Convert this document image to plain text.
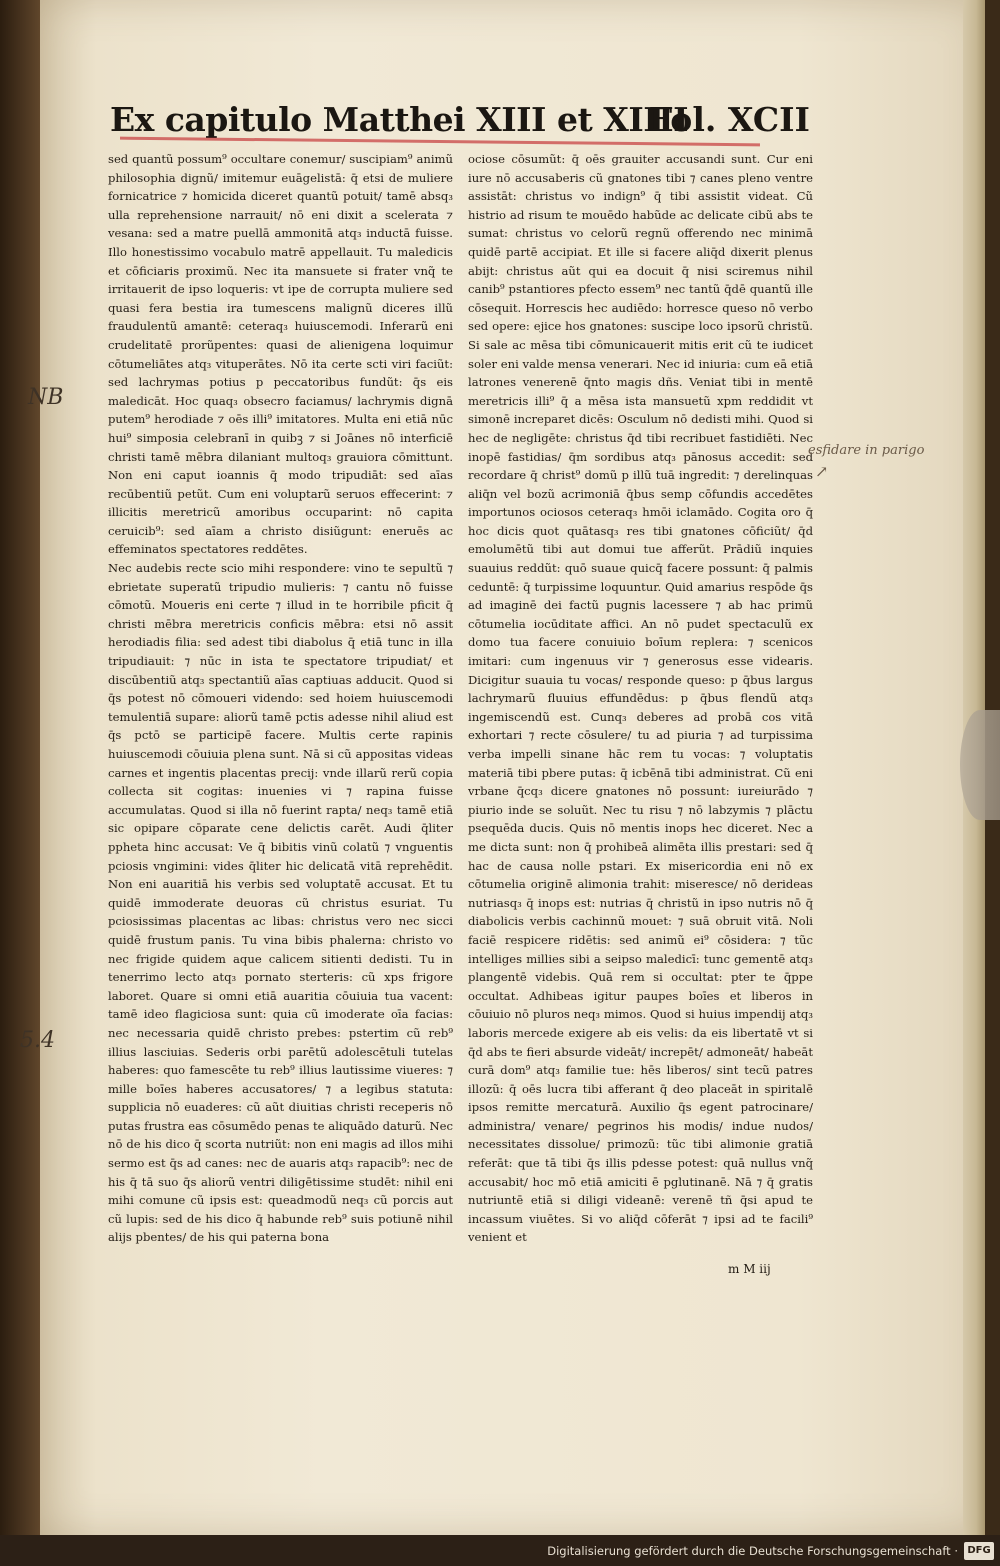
Ex capitulo Matthei XIII et XIIII
Fol. XCII

sed quantũ possum⁹ occultare conemur/ suscipiam⁹ animũ philosophia dignũ/ imitemur euāgelistā: q̄ etsi de muliere fornicatrice ⁊ homicida diceret quantũ potuit/ tamē absq₃ ulla reprehensione narrauit/ nō eni dixit a scelerata ⁊ vesana: sed a matre puellā ammonitā atq₃ inductā fuisse. Illo honestissimo vocabulo matrē appellauit. Tu maledicis et cōficiaris proximũ. Nec ita mansuete si frater vnq̃ te irritauerit de ipso loqueris: vt ipe de corrupta muliere sed quasi fera bestia ira tumescens malignũ diceres illũ fraudulentũ amantē: ceteraq₃ huiuscemodi. Inferarũ eni crudelitatē prorũpentes: quasi de alienigena loquimur cōtumeliātes atq₃ vituperātes. Nō ita certe scti viri faciũt: sed lachrymas potius p peccatoribus fundũt: q̄s eis maledicāt. Hoc quaq₃ obsecro faciamus/ lachrymis dignā putem⁹ herodiade ⁊ oēs illi⁹ imitatores. Multa eni etiā nūc hui⁹ simposia celebranī in quibꝫ ⁊ si Joānes nō interficiē christi tamē mēbra dilaniant multoq₃ grauiora cōmittunt. Non eni caput ioannis q̄ modo tripudiāt: sed aīas recūbentiũ petũt. Cum eni voluptarũ seruos effecerint: ⁊ illicitis meretricũ amoribus occuparint: nō capita ceruicib⁹: sed aīam a christo disiũgunt: eneruēs ac effeminatos spectatores reddētes.

Nec audebis recte scio mihi respondere: vino te sepultũ ⁊ ebrietate superatũ tripudio mulieris: ⁊ cantu nō fuisse cōmotũ. Moueris eni certe ⁊ illud in te horribile pficit q̄ christi mēbra meretricis conficis mēbra: etsi nō assit herodiadis filia: sed adest tibi diabolus q̄ etiā tunc in illa tripudiauit: ⁊ nūc in ista te spectatore tripudiat/ et discūbentiũ atq₃ spectantiũ aīas captiuas adducit. Quod si q̄s potest nō cōmoueri videndo: sed hoiem huiuscemodi temulentiā supare: aliorũ tamē pctis adesse nihil aliud est q̄s pctō se participē facere. Multis certe rapinis huiuscemodi cōuiuia plena sunt. Nā si cũ appositas videas carnes et ingentis placentas precij: vnde illarũ rerũ copia collecta sit cogitas: inuenies vi ⁊ rapina fuisse accumulatas. Quod si illa nō fuerint rapta/ neq₃ tamē etiā sic opipare cōparate cene delictis carēt. Audi q̄liter ppheta hinc accusat: Ve q̄ bibitis vinũ colatũ ⁊ vnguentis pciosis vngimini: vides q̄liter hic delicatā vitā reprehēdit. Non eni auaritiā his verbis sed voluptatē accusat. Et tu quidē immoderate deuoras cũ christus esuriat. Tu pciosissimas placentas ac libas: christus vero nec sicci quidē frustum panis. Tu vina bibis phalerna: christo vo nec frigide quidem aque calicem sitienti dedisti. Tu in tenerrimo lecto atq₃ pornato sterteris: cũ xps frigore laboret. Quare si omni etiā auaritia cōuiuia tua vacent: tamē ideo flagiciosa sunt: quia cũ imoderate oīa facias: nec necessaria quidē christo prebes: pstertim cũ reb⁹ illius lasciuias. Sederis orbi parētũ adolescētuli tutelas haberes: quo famescēte tu reb⁹ illius lautissime viueres: ⁊ mille boīes haberes accusatores/ ⁊ a legibus statuta: supplicia nō euaderes: cũ aũt diuitias christi receperis nō putas frustra eas cōsumēdo penas te aliquādo daturũ. Nec nō de his dico q̄ scorta nutriũt: non eni magis ad illos mihi sermo est q̄s ad canes: nec de auaris atq₃ rapacib⁹: nec de his q̄ tā suo q̄s aliorũ ventri diligētissime studēt: nihil eni mihi comune cũ ipsis est: queadmodũ neq₃ cũ porcis aut cũ lupis: sed de his dico q̄ habunde reb⁹ suis potiunē nihil alijs pbentes/ de his qui paterna bona

ociose cōsumũt: q̄ oēs grauiter accusandi sunt. Cur eni iure nō accusaberis cũ gnatones tibi ⁊ canes pleno ventre assistāt: christus vo indign⁹ q̄ tibi assistit videat. Cũ histrio ad risum te mouēdo habũde ac delicate cibũ abs te sumat: christus vo celorũ regnũ offerendo nec minimā quidē partē accipiat. Et ille si facere aliq̄d dixerit plenus abijt: christus aũt qui ea docuit q̄ nisi sciremus nihil canib⁹ pstantiores pfecto essem⁹ nec tantũ q̄dē quantũ ille cōsequit. Horrescis hec audiēdo: horresce queso nō verbo sed opere: ejice hos gnatones: suscipe loco ipsorũ christũ. Si sale ac mēsa tibi cōmunicauerit mitis erit cũ te iudicet soler eni valde mensa venerari. Nec id iniuria: cum eā etiā latrones venerenē q̄nto magis dñs. Veniat tibi in mentē meretricis illi⁹ q̄ a mēsa ista mansuetũ xpm reddidit vt simonē increparet dicēs: Osculum nō dedisti mihi. Quod si hec de negligēte: christus q̄d tibi recribuet fastidiēti. Nec inopē fastidias/ q̄m sordibus atq₃ pānosus accedit: sed recordare q̄ christ⁹ domũ p illũ tuā ingredit: ⁊ derelinquas aliq̄n vel bozũ acrimoniā q̄bus semp cōfundis accedētes importunos ociosos ceteraq₃ hmōi iclamādo. Cogita oro q̄ hoc dicis quot quātasq₃ res tibi gnatones cōficiũt/ q̄d emolumētũ tibi aut domui tue afferũt. Prādiũ inquies suauius reddũt: quō suaue quicq̄ facere possunt: q̄ palmis ceduntē: q̄ turpissime loquuntur. Quid amarius respōde q̄s ad imaginē dei factũ pugnis lacessere ⁊ ab hac primũ cōtumelia iocūditate affici. An nō pudet spectaculũ ex domo tua facere conuiuio boīum replera: ⁊ scenicos imitari: cum ingenuus vir ⁊ generosus esse videaris. Dicigitur suauia tu vocas/ responde queso: p q̄bus largus lachrymarũ fluuius effundēdus: p q̄bus flendũ atq₃ ingemiscendũ est. Cunq₃ deberes ad probā cos vitā exhortari ⁊ recte cōsulere/ tu ad piuria ⁊ ad turpissima verba impelli sinane hāc rem tu vocas: ⁊ voluptatis materiā tibi pbere putas: q̄ icbēnā tibi administrat. Cũ eni vrbane q̄cq₃ dicere gnatones nō possunt: iureiurādo ⁊ piurio inde se soluũt. Nec tu risu ⁊ nō labzymis ⁊ plāctu psequēda ducis. Quis nō mentis inops hec diceret. Nec a me dicta sunt: non q̄ prohibeā alimēta illis prestari: sed q̄ hac de causa nolle pstari. Ex misericordia eni nō ex cōtumelia originē alimonia trahit: miseresce/ nō derideas nutriasq₃ q̄ inops est: nutrias q̄ christũ in ipso nutris nō q̄ diabolicis verbis cachinnũ mouet: ⁊ suā obruit vitā. Noli faciē respicere ridētis: sed animũ ei⁹ cōsidera: ⁊ tũc intelliges millies sibi a seipso maledicī: tunc gementē atq₃ plangentē videbis. Quā rem si occultat: pter te q̄ppe occultat. Adhibeas igitur paupes boīes et liberos in cōuiuio nō pluros neq₃ mimos. Quod si huius impendij atq₃ laboris mercede exigere ab eis velis: da eis libertatē vt si q̄d abs te fieri absurde videāt/ increpēt/ admoneāt/ habeāt curā dom⁹ atq₃ familie tue: hēs liberos/ sint tecũ patres illozũ: q̄ oēs lucra tibi afferant q̄ deo placeāt in spiritalē ipsos remitte mercaturā. Auxilio q̄s egent patrocinare/ administra/ venare/ pegrinos his modis/ indue nudos/ necessitates dissolue/ primozũ: tũc tibi alimonie gratiā referāt: que tā tibi q̄s illis pdesse potest: quā nullus vnq̃ accusabit/ hoc mō etiā amiciti ē pglutinanē. Nā ⁊ q̄ gratis nutriuntē etiā si diligi videanē: verenē tñ q̄si apud te incassum viuētes. Si vo aliq̄d cōferāt ⁊ ipsi ad te facili⁹ venient et

m M iij
NB
5.4
esfidare in parigo
↗
Digitalisierung gefördert durch die Deutsche Forschungsgemeinschaft · DFG
